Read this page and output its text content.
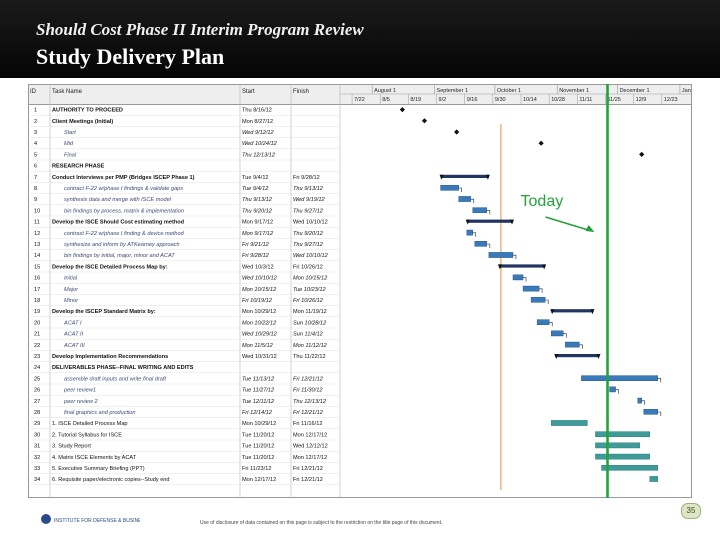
Should Cost Phase II Interim Program Review
Study Delivery Plan
ID	Task Name	Start	Finish	August 1	September 1	October 1	November 1	December 1	Jan
7/22	8/5	8/19	9/2	9/16	9/30	10/14	10/28	11/11	11/25	12/9	12/23
1	AUTHORITY TO PROCEED	Thu 8/16/12
2	Client Meetings (Initial)	Mon 8/27/12
3	Start	Wed 9/12/12
4	Mid	Wed 10/24/12
5	Final	Thu 12/13/12
6	RESEARCH PHASE
7	Conduct Interviews per PMP (Bridges ISCEP Phase 1)	Tue 9/4/12	Fri 9/28/12
8	contract F-22 w/phase I findings & validate gaps	Tue 9/4/12	Thu 9/13/12
9	synthesis data and merge with ISCE model	Thu 9/13/12	Wed 9/19/12
10	bin findings by process, matrix & implementation	Thu 9/20/12	Thu 9/27/12
11 Develop the ISCE Should Cost estimating method	Mon 9/17/12	Wed 10/10/12
12	contrast F-22 w/phase I finding & device method	Mon 9/17/12	Thu 9/20/12
13	synthesize and inform by ATKearney approach	Fri 9/21/12	Thu 9/27/12
14	bin findings by initial, major, minor and ACAT	Fri 9/28/12	Wed 10/10/12
15 Develop the ISCE Detailed Process Map by:	Wed 10/3/12	Fri 10/26/12
16	Initial	Wed 10/10/12	Mon 10/15/12
17	Major	Mon 10/15/12	Tue 10/23/12
18	Minor	Fri 10/19/12	Fri 10/26/12
19 Develop the ISCEP Standard Matrix by:	Mon 10/29/12	Mon 11/19/12
20	ACAT I	Mon 10/22/12	Sun 10/28/12
21	ACAT II	Wed 10/29/12	Sun 11/4/12
22	ACAT III	Mon 11/5/12	Mon 11/12/12
23 Develop Implementation Recommendations	Wed 10/31/12	Thu 11/22/12
24 DELIVERABLES PHASE--FINAL WRITING AND EDITS
25	assemble draft inputs and write final draft	Tue 11/13/12	Fri 12/21/12
26	peer review1	Tue 11/27/12	Fri 11/30/12
27	peer review 2	Tue 12/11/12	Thu 12/13/12
28	final graphics and production	Fri 12/14/12	Fri 12/21/12
29 1. ISCE Detailed Process Map	Mon 10/29/12	Fri 11/16/12
30 2. Tutorial Syllabus for ISCE	Tue 11/20/12	Mon 12/17/12
31 3. Study Report	Tue 11/20/12	Wed 12/12/12
32 4. Matrix ISCE Elements by ACAT	Tue 11/20/12	Mon 12/17/12
33 5. Executive Summary Briefing (PPT)	Fri 11/23/12	Fri 12/21/12
34 6. Requisite paper/electronic copies--Study end	Mon 12/17/12	Fri 12/21/12
Today
INSTITUTE FOR DEFENSE & BUSINESS	Use of disclosure of data contained on this page is subject to the restriction on the title page of this document.
35
